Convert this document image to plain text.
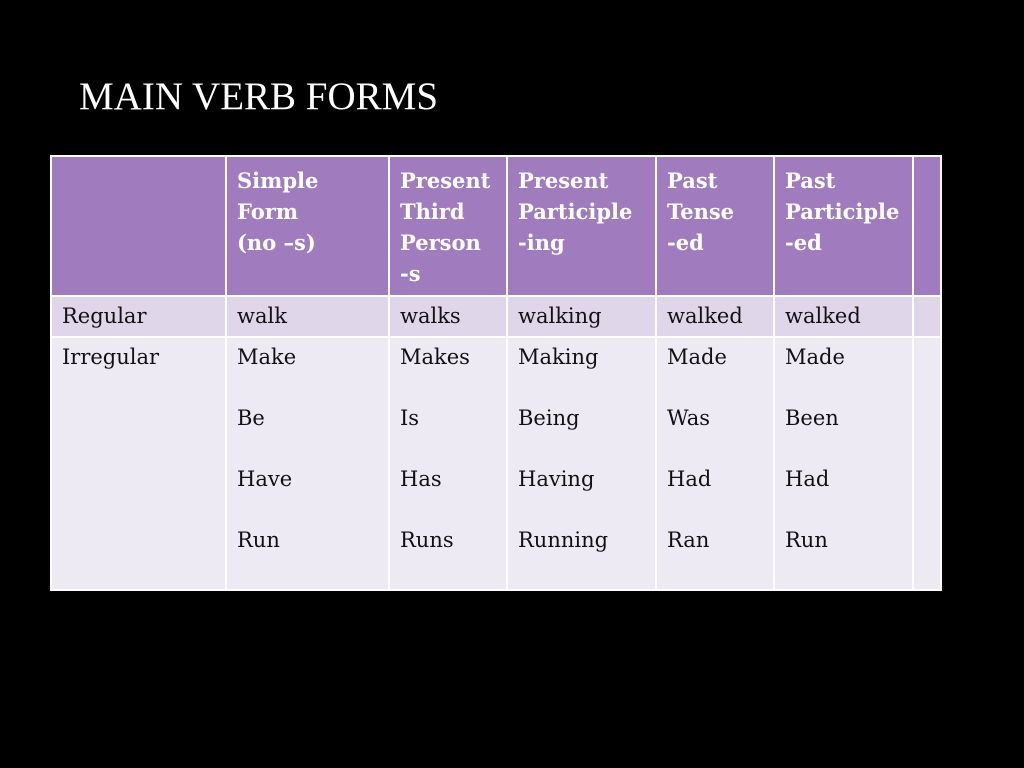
MAIN VERB FORMS

	Simple
Form
(no –s)	Present
Third
Person
-s	Present
Participle
-ing	Past
Tense
-ed	Past
Participle
-ed	

Regular	walk	walks	walking	walked	walked	
Irregular	Make
Be
Have
Run	Makes
Is
Has
Runs	Making
Being
Having
Running	Made
Was
Had
Ran	Made
Been
Had
Run	
